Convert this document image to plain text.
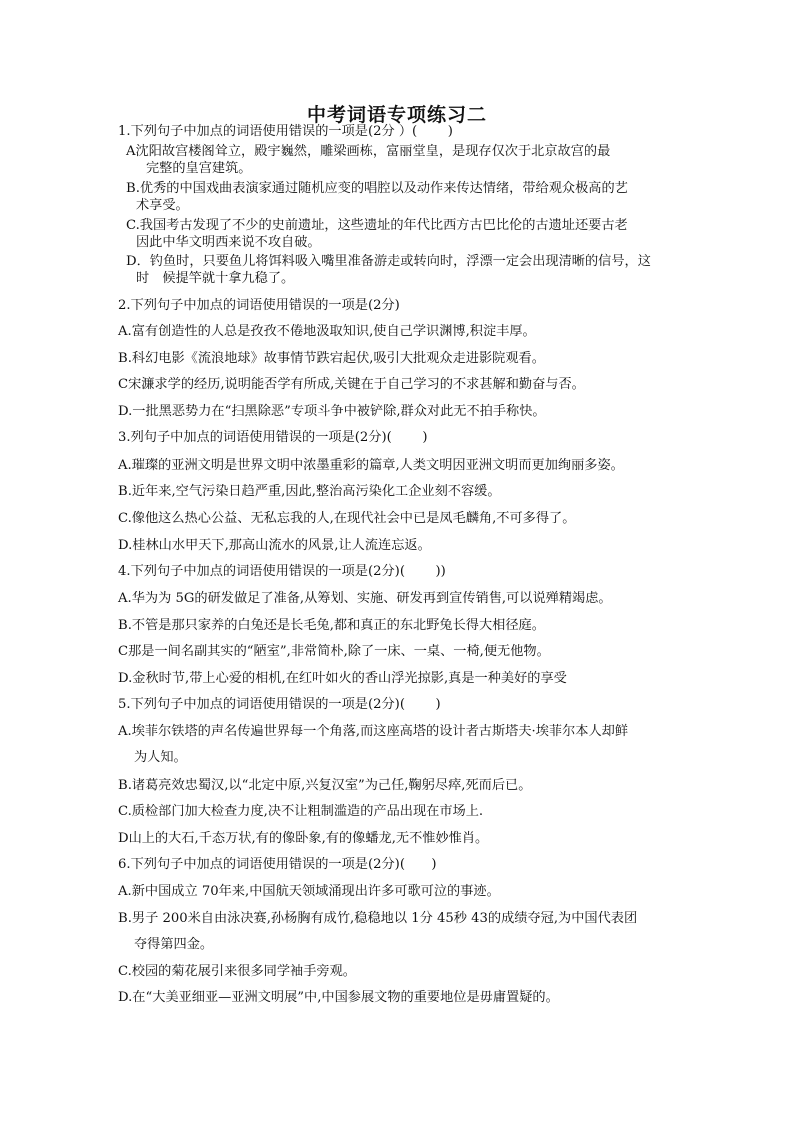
中考词语专项练习二

1.下列句子中加点的词语使用错误的一项是(2分 ）(　　 )

A沈阳故宫楼阁耸立，殿宇巍然，雕梁画栋，富丽堂皇，是现存仅次于北京故宫的最

完整的皇宫建筑。

B.优秀的中国戏曲表演家通过随机应变的唱腔以及动作来传达情绪，带给观众极高的艺

术享受。

C.我国考古发现了不少的史前遗址，这些遗址的年代比西方古巴比伦的古遗址还要古老

因此中华文明西来说不攻自破。

D．钓鱼时，只要鱼儿将饵料吸入嘴里准备游走或转向时，浮漂一定会出现清晰的信号，这

时　候提竿就十拿九稳了。

2.下列句子中加点的词语使用错误的一项是(2分)

A.富有创造性的人总是孜孜不倦地汲取知识,使自己学识渊博,积淀丰厚。

B.科幻电影《流浪地球》故事情节跌宕起伏,吸引大批观众走进影院观看。

C宋濂求学的经历,说明能否学有所成,关键在于自己学习的不求甚解和勤奋与否。

D.一批黑恶势力在“扫黑除恶”专项斗争中被铲除,群众对此无不拍手称快。

3.列句子中加点的词语使用错误的一项是(2分)(　　 )

A.璀璨的亚洲文明是世界文明中浓墨重彩的篇章,人类文明因亚洲文明而更加绚丽多姿。

B.近年来,空气污染日趋严重,因此,整治高污染化工企业刻不容缓。

C.像他这么热心公益、无私忘我的人,在现代社会中已是凤毛麟角,不可多得了。

D.桂林山水甲天下,那高山流水的风景,让人流连忘返。

4.下列句子中加点的词语使用错误的一项是(2分)(　　 ))

A.华为为 5G的研发做足了准备,从筹划、实施、研发再到宣传销售,可以说殚精竭虑。

B.不管是那只家养的白兔还是长毛兔,都和真正的东北野兔长得大相径庭。

C那是一间名副其实的“陋室”,非常简朴,除了一床、一桌、一椅,便无他物。

D.金秋时节,带上心爱的相机,在红叶如火的香山浮光掠影,真是一种美好的享受

5.下列句子中加点的词语使用错误的一项是(2分)(　　 )

A.埃菲尔铁塔的声名传遍世界每一个角落,而这座高塔的设计者古斯塔夫·埃菲尔本人却鲜

为人知。

B.诸葛亮效忠蜀汉,以“北定中原,兴复汉室”为己任,鞠躬尽瘁,死而后已。

C.质检部门加大检查力度,决不让粗制滥造的产品出现在市场上.

D山上的大石,千态万状,有的像卧象,有的像蟠龙,无不惟妙惟肖。

6.下列句子中加点的词语使用错误的一项是(2分)(　　)

A.新中国成立 70年来,中国航天领域涌现出许多可歌可泣的事迹。

B.男子 200米自由泳决赛,孙杨胸有成竹,稳稳地以 1分 45秒 43的成绩夺冠,为中国代表团

夺得第四金。

C.校园的菊花展引来很多同学袖手旁观。

D.在“大美亚细亚—亚洲文明展”中,中国参展文物的重要地位是毋庸置疑的。
